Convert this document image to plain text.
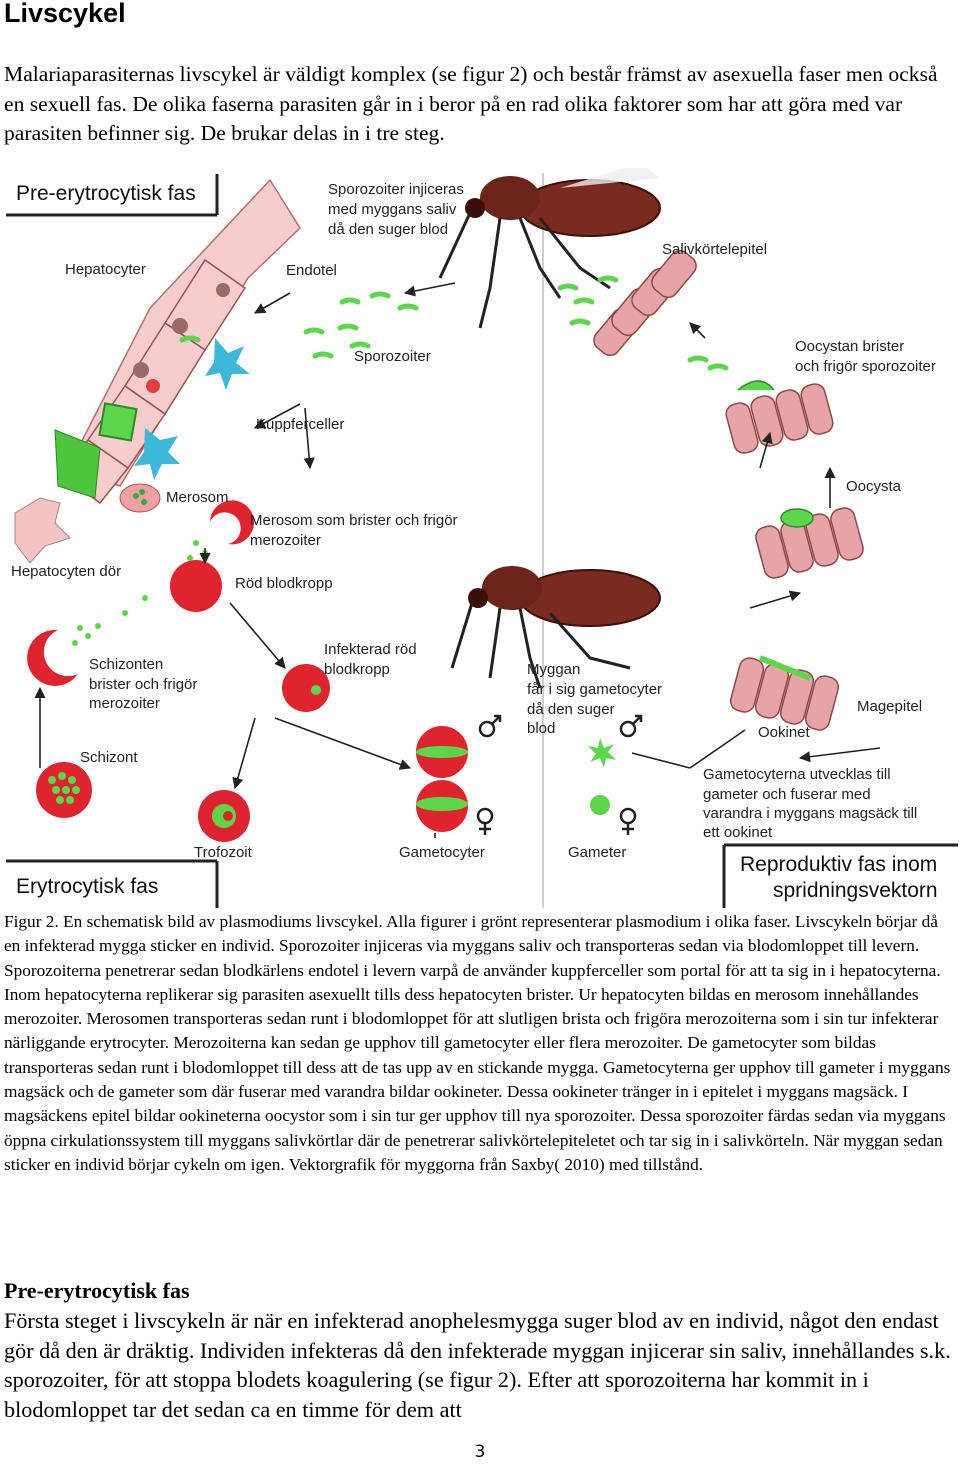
Livscykel

Malariaparasiternas livscykel är väldigt komplex (se figur 2) och består främst av asexuella faser men också en sexuell fas. De olika faserna parasiten går in i beror på en rad olika faktorer som har att göra med var parasiten befinner sig. De brukar delas in i tre steg.

Pre-erytrocytisk fas
Erytrocytisk fas
Reproduktiv fas inom
spridningsvektorn
Sporozoiter injiceras
med myggans saliv
då den suger blod
Hepatocyter	Endotel
Salivkörtelepitel
Sporozoiter
Oocystan brister
och frigör sporozoiter
Kuppferceller
Merosom
Oocysta
Merosom som brister och frigör
merozoiter
Hepatocyten dör
Röd blodkropp
Infekterad röd
blodkropp
Schizonten
brister och frigör
merozoiter
Myggan
får i sig gametocyter
då den suger
blod
Magepitel
Ookinet
Schizont
Gametocyterna utvecklas till
gameter och fuserar med
varandra i myggans magsäck till
ett ookinet
Trofozoit	Gametocyter	Gameter

Figur 2. En schematisk bild av plasmodiums livscykel. Alla figurer i grönt representerar plasmodium i olika faser. Livscykeln börjar då en infekterad mygga sticker en individ. Sporozoiter injiceras via myggans saliv och transporteras sedan via blodomloppet till levern. Sporozoiterna penetrerar sedan blodkärlens endotel i levern varpå de använder kuppferceller som portal för att ta sig in i hepatocyterna. Inom hepatocyterna replikerar sig parasiten asexuellt tills dess hepatocyten brister. Ur hepatocyten bildas en merosom innehållandes merozoiter. Merosomen transporteras sedan runt i blodomloppet för att slutligen brista och frigöra merozoiterna som i sin tur infekterar närliggande erytrocyter. Merozoiterna kan sedan ge upphov till gametocyter eller flera merozoiter. De gametocyter som bildas transporteras sedan runt i blodomloppet till dess att de tas upp av en stickande mygga. Gametocyterna ger upphov till gameter i myggans magsäck och de gameter som där fuserar med varandra bildar ookineter. Dessa ookineter tränger in i epitelet i myggans magsäck. I magsäckens epitel bildar ookineterna oocystor som i sin tur ger upphov till nya sporozoiter. Dessa sporozoiter färdas sedan via myggans öppna cirkulationssystem till myggans salivkörtlar där de penetrerar salivkörtelepiteletet och tar sig in i salivkörteln. När myggan sedan sticker en individ börjar cykeln om igen. Vektorgrafik för myggorna från Saxby( 2010) med tillstånd.

Pre-erytrocytisk fas

Första steget i livscykeln är när en infekterad anophelesmygga suger blod av en individ, något den endast gör då den är dräktig. Individen infekteras då den infekterade myggan injicerar sin saliv, innehållandes s.k. sporozoiter, för att stoppa blodets koagulering (se figur 2). Efter att sporozoiterna har kommit in i blodomloppet tar det sedan ca en timme för dem att

3
